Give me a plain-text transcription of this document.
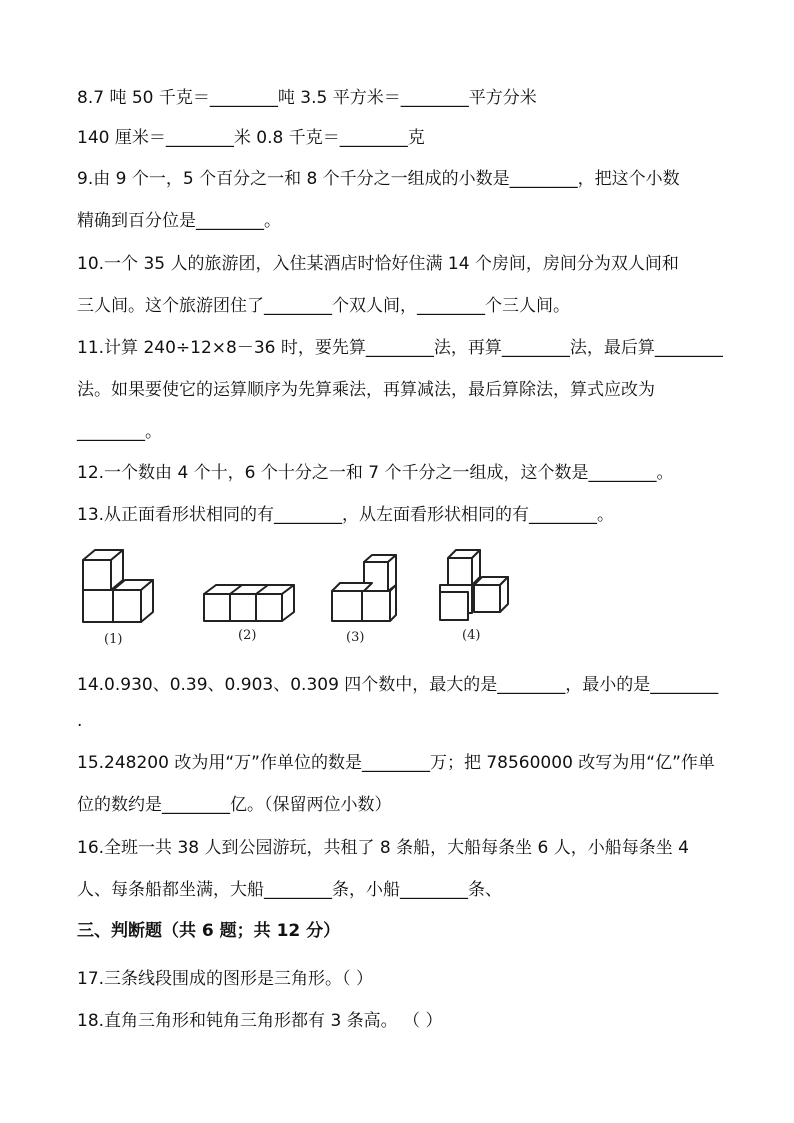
8.7 吨 50 千克＝________吨 3.5 平方米＝________平方分米
140 厘米＝________米 0.8 千克＝________克
9.由 9 个一，5 个百分之一和 8 个千分之一组成的小数是________，把这个小数
精确到百分位是________。
10.一个 35 人的旅游团，入住某酒店时恰好住满 14 个房间，房间分为双人间和
三人间。这个旅游团住了________个双人间，________个三人间。
11.计算 240÷12×8－36 时，要先算________法，再算________法，最后算________
法。如果要使它的运算顺序为先算乘法，再算减法，最后算除法，算式应改为
________。
12.一个数由 4 个十，6 个十分之一和 7 个千分之一组成，这个数是________。
13.从正面看形状相同的有________，从左面看形状相同的有________。
(1)	(2)	(3)	(4)
14.0.930、0.39、0.903、0.309 四个数中，最大的是________，最小的是________
.
15.248200 改为用“万”作单位的数是________万；把 78560000 改写为用“亿”作单
位的数约是________亿。（保留两位小数）
16.全班一共 38 人到公园游玩，共租了 8 条船，大船每条坐 6 人，小船每条坐 4
人、每条船都坐满，大船________条，小船________条、
三、判断题（共 6 题；共 12 分）
17.三条线段围成的图形是三角形。（ ）
18.直角三角形和钝角三角形都有 3 条高。 （ ）
